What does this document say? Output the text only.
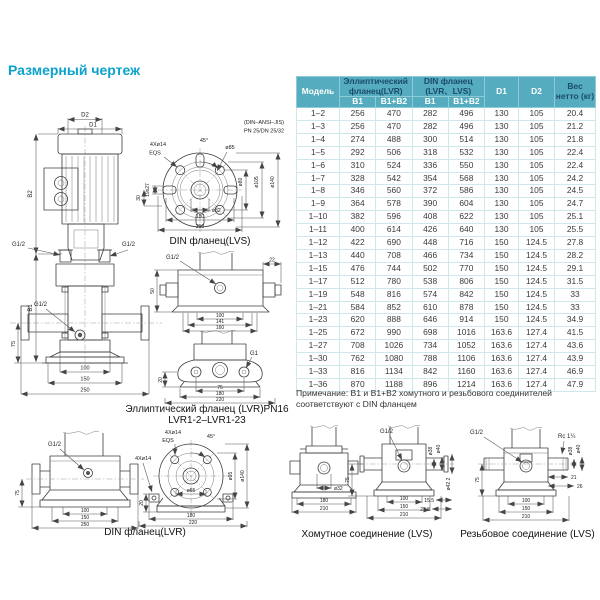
Размерный чертеж
Модель	Эллиптический фланец(LVR)		DIN фланец (LVR、LVS)		D1	D2	Вес нетто (кг)
	B1	B1+B2	B1	B1+B2			
1–2	256	470	282	496	130	105	20.4
1–3	256	470	282	496	130	105	21.2
1–4	274	488	300	514	130	105	21.8
1–5	292	506	318	532	130	105	22.4
1–6	310	524	336	550	130	105	22.4
1–7	328	542	354	568	130	105	24.2
1–8	346	560	372	586	130	105	24.5
1–9	364	578	390	604	130	105	24.7
1–10	382	596	408	622	130	105	25.1
1–11	400	614	426	640	130	105	25.5
1–12	422	690	448	716	150	124.5	27.8
1–13	440	708	466	734	150	124.5	28.2
1–15	476	744	502	770	150	124.5	29.1
1–17	512	780	538	806	150	124.5	31.5
1–19	548	816	574	842	150	124.5	33
1–21	584	852	610	878	150	124.5	33
1–23	620	888	646	914	150	124.5	34.9
1–25	672	990	698	1016	163.6	127.4	41.5
1–27	708	1026	734	1052	163.6	127.4	43.6
1–30	762	1080	788	1106	163.6	127.4	43.9
1–33	816	1134	842	1160	163.6	127.4	46.9
1–36	870	1188	896	1214	163.6	127.4	47.9
Примечание: B1 и B1+B2 хомутного и резьбового соединителей
соответствуют с DIN фланцем
D2
D1
B2
B1
G1/2	G1/2
G1/2
75
100
150
250
(DIN–ANSI–JIS)
PN 25/DN 25/32
4Xø14
EQS
45°
ø85
19x27
30
ø80 ø105 ø140
ø32
180
210
DIN фланец(LVS)
G1/2	22
50
100
141
160
G1
20
75
180
220
Эллиптический фланец (LVR)PN16
LVR1-2–LVR1-23
G1/2
75
100
150
250
4Xø14
EQS
4Xø14
45°
ø95 ø140
20
ø65
180
220
DIN фланец(LVR)
ø32
180
210
G1/2
75
ø38 ø40
ø42.2
15.5
22.5
100
150
210
Хомутное соединение (LVS)
G1/2
Rc 1¼
75
ø38 ø40
21
26
100
150
210
Резьбовое соединение (LVS)
